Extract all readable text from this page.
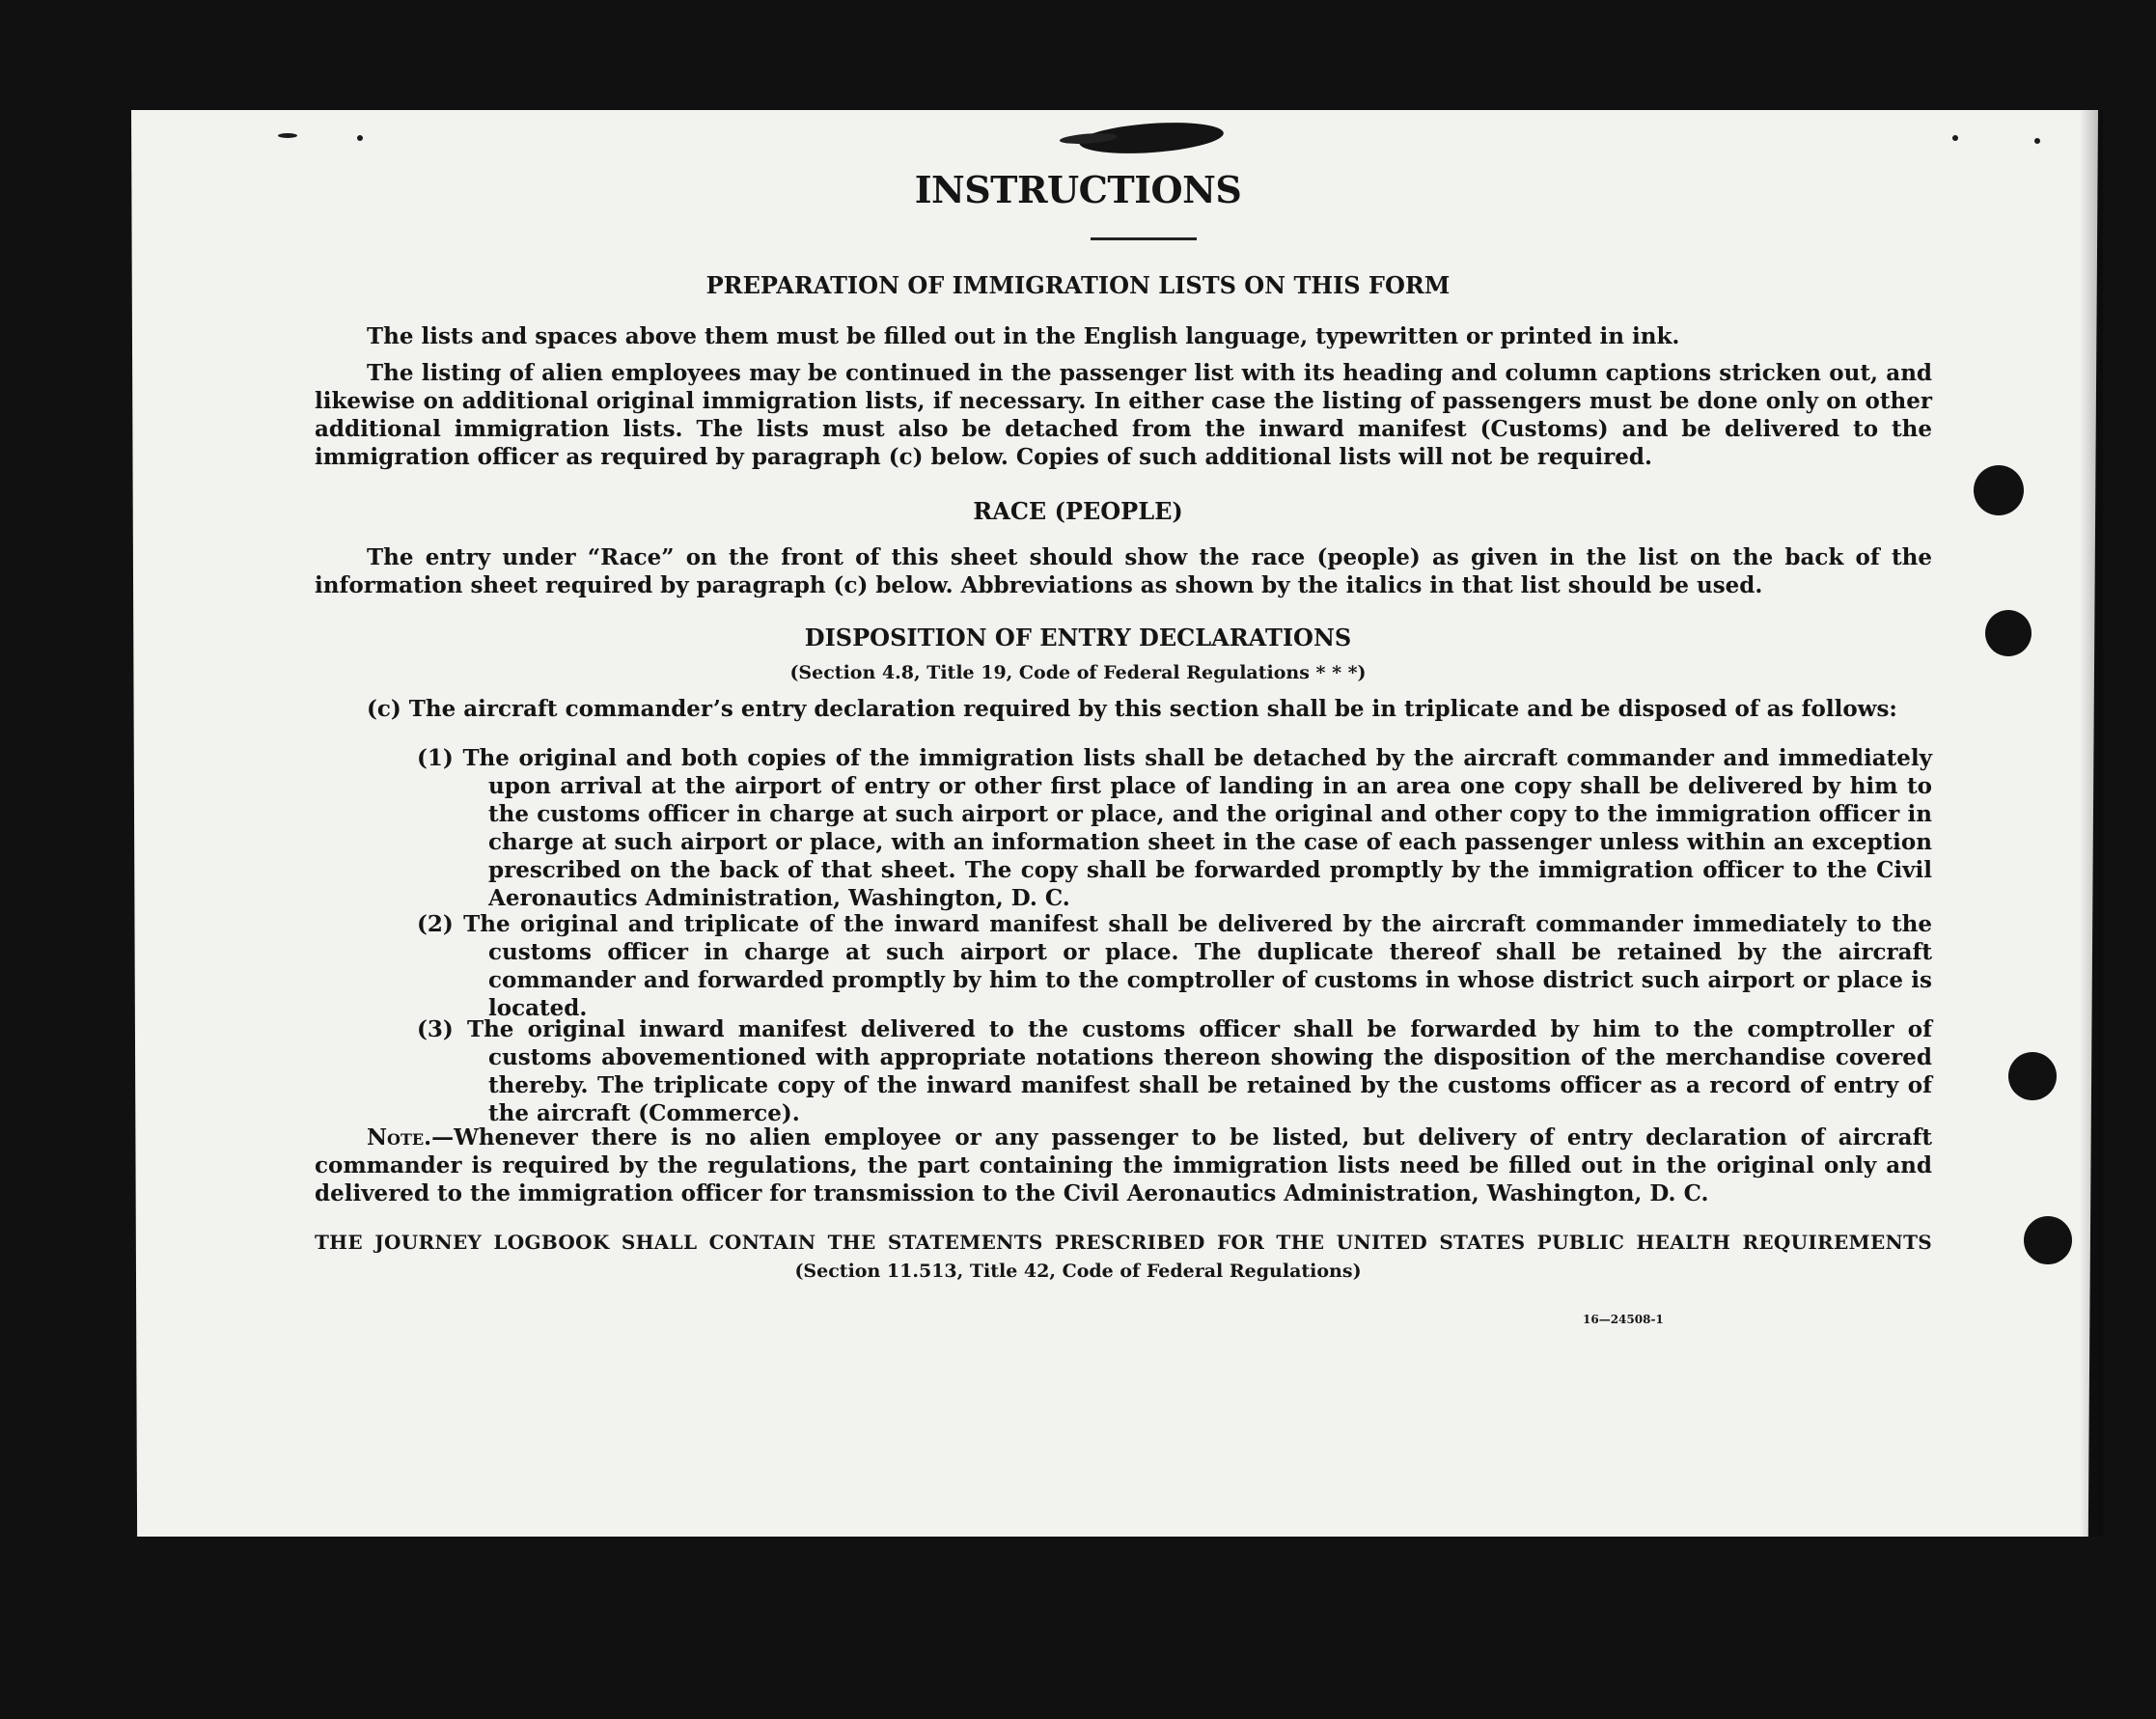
INSTRUCTIONS
PREPARATION OF IMMIGRATION LISTS ON THIS FORM
The lists and spaces above them must be filled out in the English language, typewritten or printed in ink.
The listing of alien employees may be continued in the passenger list with its heading and column captions stricken out, and likewise on additional original immigration lists, if necessary. In either case the listing of passengers must be done only on other additional immigration lists. The lists must also be detached from the inward manifest (Customs) and be delivered to the immigration officer as required by paragraph (c) below. Copies of such additional lists will not be required.
RACE (PEOPLE)
The entry under “Race” on the front of this sheet should show the race (people) as given in the list on the back of the information sheet required by paragraph (c) below. Abbreviations as shown by the italics in that list should be used.
DISPOSITION OF ENTRY DECLARATIONS
(Section 4.8, Title 19, Code of Federal Regulations * * *)
(c) The aircraft commander’s entry declaration required by this section shall be in triplicate and be disposed of as follows:
(1) The original and both copies of the immigration lists shall be detached by the aircraft commander and immediately upon arrival at the airport of entry or other first place of landing in an area one copy shall be delivered by him to the customs officer in charge at such airport or place, and the original and other copy to the immigration officer in charge at such airport or place, with an information sheet in the case of each passenger unless within an exception prescribed on the back of that sheet. The copy shall be forwarded promptly by the immigration officer to the Civil Aeronautics Administration, Washington, D. C.
(2) The original and triplicate of the inward manifest shall be delivered by the aircraft commander immediately to the customs officer in charge at such airport or place. The duplicate thereof shall be retained by the aircraft commander and forwarded promptly by him to the comptroller of customs in whose district such airport or place is located.
(3) The original inward manifest delivered to the customs officer shall be forwarded by him to the comptroller of customs abovementioned with appropriate notations thereon showing the disposition of the merchandise covered thereby. The triplicate copy of the inward manifest shall be retained by the customs officer as a record of entry of the aircraft (Commerce).
Note.—Whenever there is no alien employee or any passenger to be listed, but delivery of entry declaration of aircraft commander is required by the regulations, the part containing the immigration lists need be filled out in the original only and delivered to the immigration officer for transmission to the Civil Aeronautics Administration, Washington, D. C.
THE JOURNEY LOGBOOK SHALL CONTAIN THE STATEMENTS PRESCRIBED FOR THE UNITED STATES PUBLIC HEALTH REQUIREMENTS
(Section 11.513, Title 42, Code of Federal Regulations)
16—24508-1
